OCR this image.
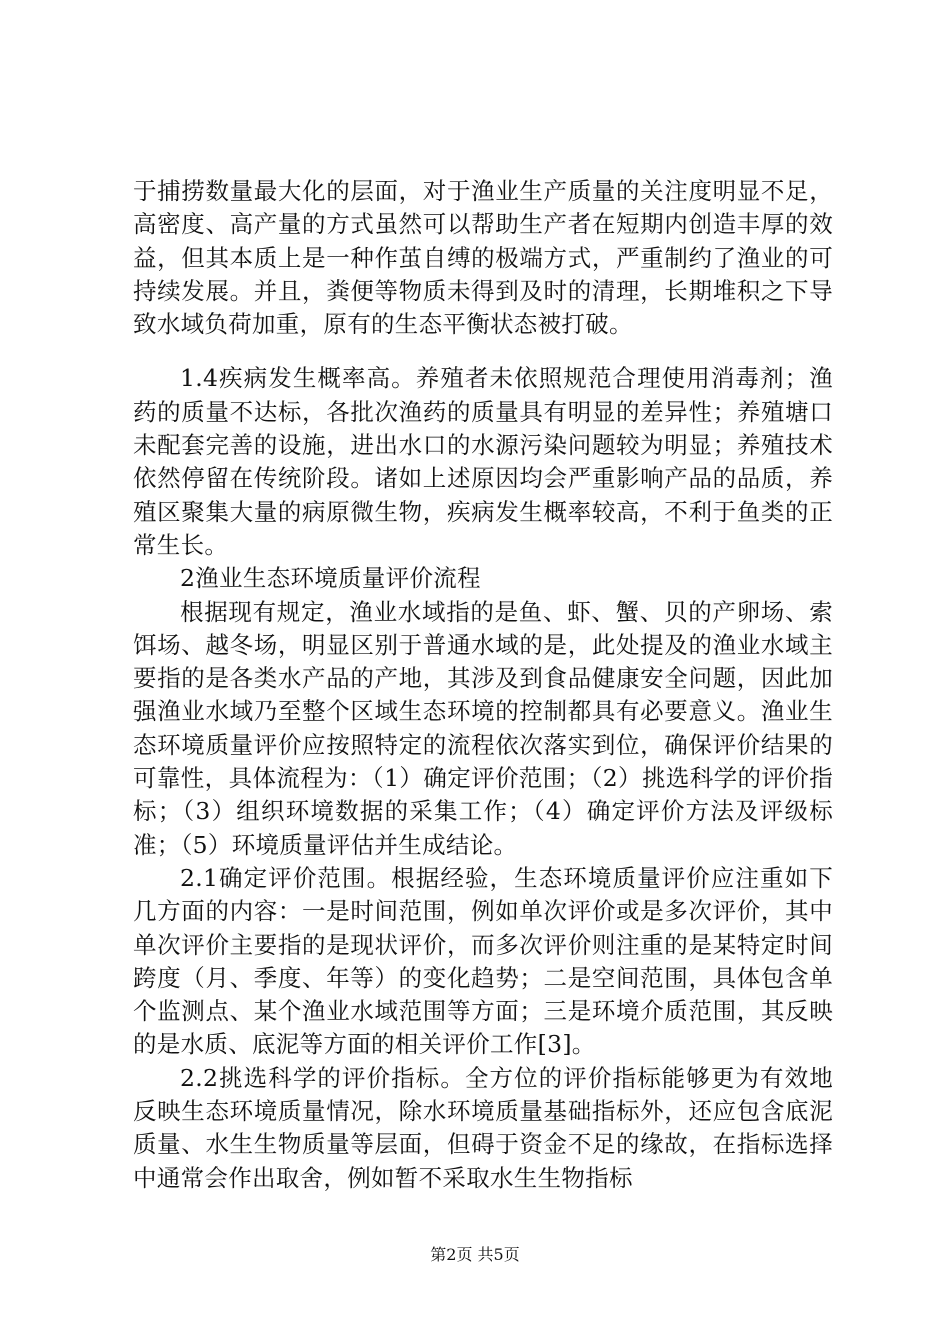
于捕捞数量最大化的层面，对于渔业生产质量的关注度明显不足，高密度、高产量的方式虽然可以帮助生产者在短期内创造丰厚的效益，但其本质上是一种作茧自缚的极端方式，严重制约了渔业的可持续发展。并且，粪便等物质未得到及时的清理，长期堆积之下导致水域负荷加重，原有的生态平衡状态被打破。

1.4疾病发生概率高。养殖者未依照规范合理使用消毒剂；渔药的质量不达标，各批次渔药的质量具有明显的差异性；养殖塘口未配套完善的设施，进出水口的水源污染问题较为明显；养殖技术依然停留在传统阶段。诸如上述原因均会严重影响产品的品质，养殖区聚集大量的病原微生物，疾病发生概率较高，不利于鱼类的正常生长。

2渔业生态环境质量评价流程

根据现有规定，渔业水域指的是鱼、虾、蟹、贝的产卵场、索饵场、越冬场，明显区别于普通水域的是，此处提及的渔业水域主要指的是各类水产品的产地，其涉及到食品健康安全问题，因此加强渔业水域乃至整个区域生态环境的控制都具有必要意义。渔业生态环境质量评价应按照特定的流程依次落实到位，确保评价结果的可靠性，具体流程为：（1）确定评价范围；（2）挑选科学的评价指标；（3）组织环境数据的采集工作；（4）确定评价方法及评级标准；（5）环境质量评估并生成结论。

2.1确定评价范围。根据经验，生态环境质量评价应注重如下几方面的内容：一是时间范围，例如单次评价或是多次评价，其中单次评价主要指的是现状评价，而多次评价则注重的是某特定时间跨度（月、季度、年等）的变化趋势；二是空间范围，具体包含单个监测点、某个渔业水域范围等方面；三是环境介质范围，其反映的是水质、底泥等方面的相关评价工作[3]。

2.2挑选科学的评价指标。全方位的评价指标能够更为有效地反映生态环境质量情况，除水环境质量基础指标外，还应包含底泥质量、水生生物质量等层面，但碍于资金不足的缘故，在指标选择中通常会作出取舍，例如暂不采取水生生物指标

第2页 共5页
